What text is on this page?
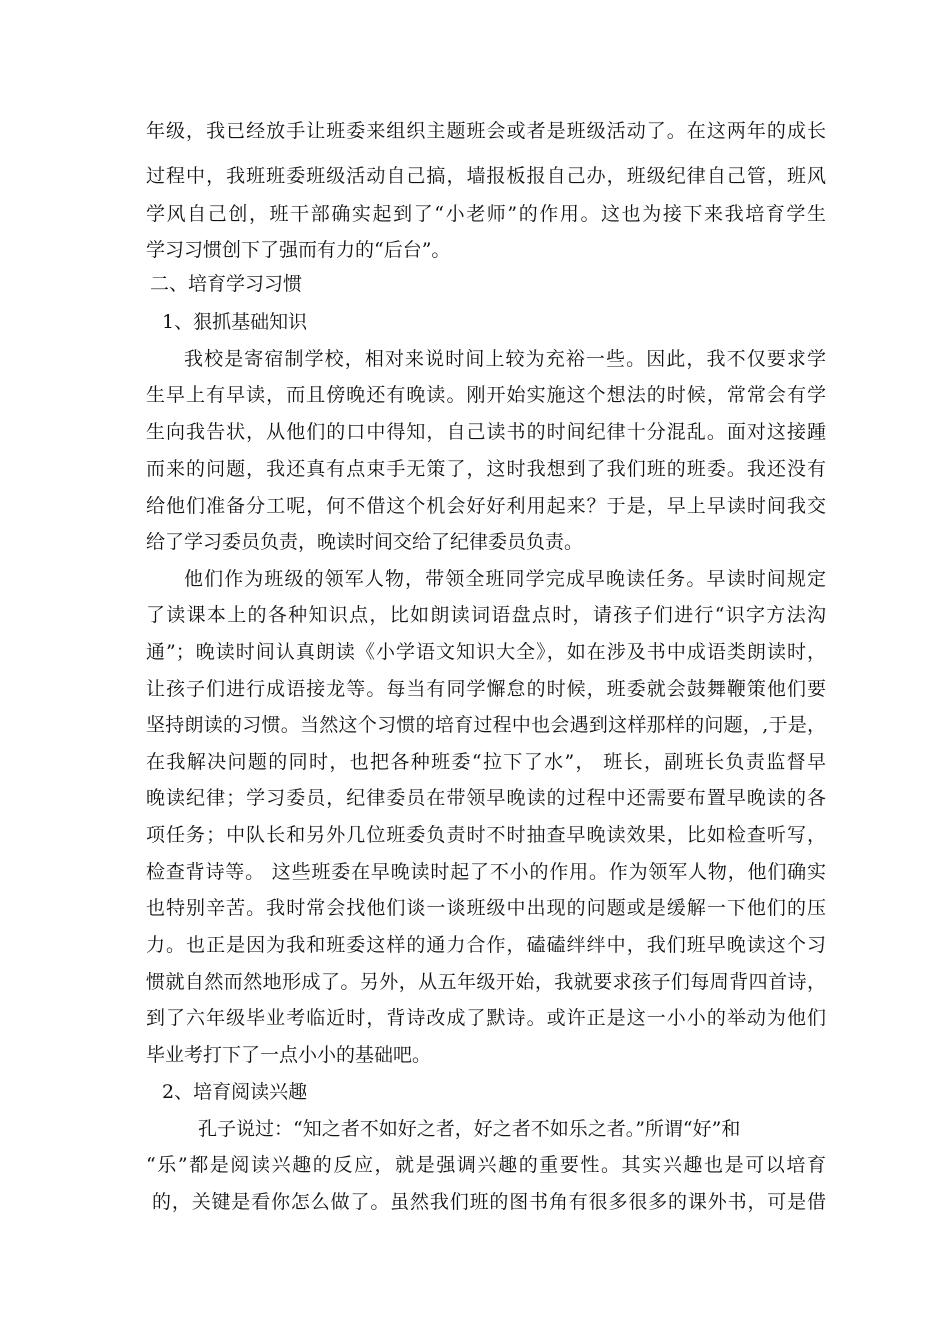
年级，我已经放手让班委来组织主题班会或者是班级活动了。在这两年的成长
过程中，我班班委班级活动自己搞，墙报板报自己办，班级纪律自己管，班风
学风自己创，班干部确实起到了“小老师”的作用。这也为接下来我培育学生
学习习惯创下了强而有力的“后台”。
二、培育学习习惯
1、狠抓基础知识
我校是寄宿制学校，相对来说时间上较为充裕一些。因此，我不仅要求学
生早上有早读，而且傍晚还有晚读。刚开始实施这个想法的时候，常常会有学
生向我告状，从他们的口中得知，自己读书的时间纪律十分混乱。面对这接踵
而来的问题，我还真有点束手无策了，这时我想到了我们班的班委。我还没有
给他们准备分工呢，何不借这个机会好好利用起来？于是，早上早读时间我交
给了学习委员负责，晚读时间交给了纪律委员负责。
他们作为班级的领军人物，带领全班同学完成早晚读任务。早读时间规定
了读课本上的各种知识点，比如朗读词语盘点时，请孩子们进行“识字方法沟
通”；晚读时间认真朗读《小学语文知识大全》，如在涉及书中成语类朗读时，
让孩子们进行成语接龙等。每当有同学懈怠的时候，班委就会鼓舞鞭策他们要
坚持朗读的习惯。当然这个习惯的培育过程中也会遇到这样那样的问题，,于是，
在我解决问题的同时，也把各种班委“拉下了水”， 班长，副班长负责监督早
晚读纪律；学习委员，纪律委员在带领早晚读的过程中还需要布置早晚读的各
项任务；中队长和另外几位班委负责时不时抽查早晚读效果，比如检查听写，
检查背诗等。 这些班委在早晚读时起了不小的作用。作为领军人物，他们确实
也特别辛苦。我时常会找他们谈一谈班级中出现的问题或是缓解一下他们的压
力。也正是因为我和班委这样的通力合作，磕磕绊绊中，我们班早晚读这个习
惯就自然而然地形成了。另外，从五年级开始，我就要求孩子们每周背四首诗，
到了六年级毕业考临近时，背诗改成了默诗。或许正是这一小小的举动为他们
毕业考打下了一点小小的基础吧。
2、培育阅读兴趣
孔子说过：“知之者不如好之者，好之者不如乐之者。”所谓“好”和
“乐”都是阅读兴趣的反应，就是强调兴趣的重要性。其实兴趣也是可以培育
的，关键是看你怎么做了。虽然我们班的图书角有很多很多的课外书，可是借
